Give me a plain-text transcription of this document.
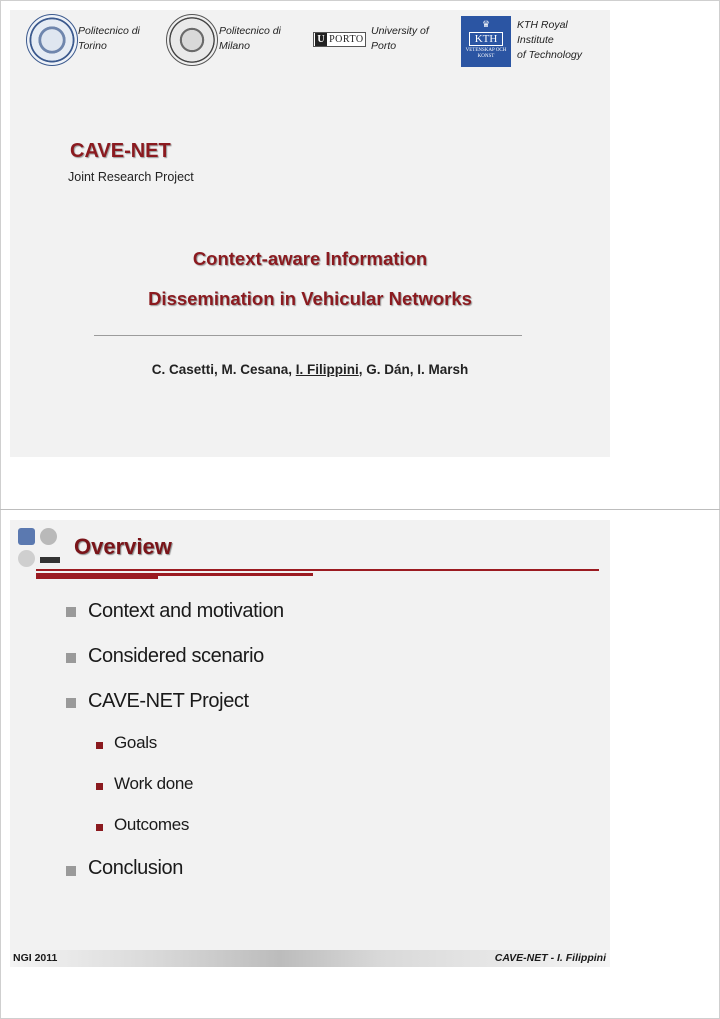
Politecnico di
Torino
Politecnico di
Milano
U PORTO
University of
Porto
♛
KTH
VETENSKAP OCH KONST
KTH Royal
Institute
of Technology
CAVE-NET
Joint Research Project
Context-aware Information
Dissemination in Vehicular Networks
C. Casetti, M. Cesana, I. Filippini, G. Dán, I. Marsh
Overview
Context and motivation
Considered scenario
CAVE-NET Project
Goals
Work done
Outcomes
Conclusion
NGI 2011	CAVE-NET - I. Filippini
